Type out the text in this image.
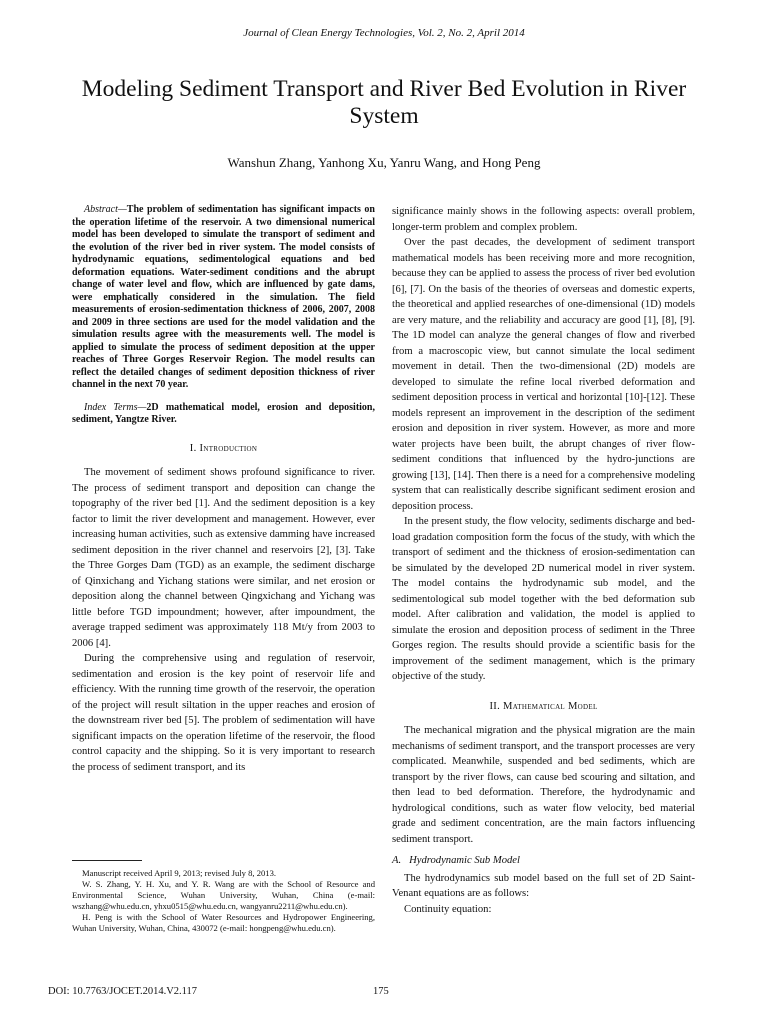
Journal of Clean Energy Technologies, Vol. 2, No. 2, April 2014
Modeling Sediment Transport and River Bed Evolution in River System
Wanshun Zhang, Yanhong Xu, Yanru Wang, and Hong Peng

Abstract—The problem of sedimentation has significant impacts on the operation lifetime of the reservoir. A two dimensional numerical model has been developed to simulate the transport of sediment and the evolution of the river bed in river system. The model consists of hydrodynamic equations, sedimentological equations and bed deformation equations. Water-sediment conditions and the abrupt change of water level and flow, which are influenced by gate dams, were emphatically considered in the simulation. The field measurements of erosion-sedimentation thickness of 2006, 2007, 2008 and 2009 in three sections are used for the model validation and the simulation results agree with the measurements well. The model is applied to simulate the process of sediment deposition at the upper reaches of Three Gorges Reservoir Region. The model results can reflect the detailed changes of sediment deposition thickness of river channel in the next 70 year.

Index Terms—2D mathematical model, erosion and deposition, sediment, Yangtze River.

I. Introduction

The movement of sediment shows profound significance to river. The process of sediment transport and deposition can change the topography of the river bed [1]. And the sediment deposition is a key factor to limit the river development and management. However, ever increasing human activities, such as extensive damming have increased sediment deposition in the river channel and reservoirs [2], [3]. Take the Three Gorges Dam (TGD) as an example, the sediment discharge of Qinxichang and Yichang stations were similar, and net erosion or deposition along the channel between Qingxichang and Yichang was little before TGD impoundment; however, after impoundment, the average trapped sediment was approximately 118 Mt/y from 2003 to 2006 [4].

During the comprehensive using and regulation of reservoir, sedimentation and erosion is the key point of reservoir life and efficiency. With the running time growth of the reservoir, the operation of the project will result siltation in the upper reaches and erosion of the downstream river bed [5]. The problem of sedimentation will have significant impacts on the operation lifetime of the reservoir, the flood control capacity and the shipping. So it is very important to research the process of sediment transport, and its

significance mainly shows in the following aspects: overall problem, longer-term problem and complex problem.

Over the past decades, the development of sediment transport mathematical models has been receiving more and more recognition, because they can be applied to assess the process of river bed evolution [6], [7]. On the basis of the theories of overseas and domestic experts, the theoretical and applied researches of one-dimensional (1D) models are very mature, and the reliability and accuracy are good [1], [8], [9]. The 1D model can analyze the general changes of flow and riverbed from a macroscopic view, but cannot simulate the local sediment movement in detail. Then the two-dimensional (2D) models are developed to simulate the refine local riverbed deformation and sediment deposition process in vertical and horizontal [10]-[12]. These models represent an improvement in the description of the sediment erosion and deposition in river system. However, as more and more water projects have been built, the abrupt changes of river flow-sediment conditions that influenced by the hydro-junctions are growing [13], [14]. Then there is a need for a comprehensive modeling system that can realistically describe significant sediment erosion and deposition process.

In the present study, the flow velocity, sediments discharge and bed-load gradation composition form the focus of the study, with which the transport of sediment and the thickness of erosion-sedimentation can be simulated by the developed 2D numerical model in river system. The model contains the hydrodynamic sub model, and the sedimentological sub model together with the bed deformation sub model. After calibration and validation, the model is applied to simulate the erosion and deposition process of sediment in the Three Gorges region. The results should provide a scientific basis for the improvement of the sediment management, which is the primary objective of the study.

II. Mathematical Model

The mechanical migration and the physical migration are the main mechanisms of sediment transport, and the transport processes are very complicated. Meanwhile, suspended and bed sediments, which are transport by the river flows, can cause bed scouring and siltation, and then lead to bed deformation. Therefore, the hydrodynamic and hydrological conditions, such as water flow velocity, bed material grade and sediment concentration, are the main factors influencing sediment transport.

A. Hydrodynamic Sub Model

The hydrodynamics sub model based on the full set of 2D Saint-Venant equations are as follows:

Continuity equation:

Manuscript received April 9, 2013; revised July 8, 2013.

W. S. Zhang, Y. H. Xu, and Y. R. Wang are with the School of Resource and Environmental Science, Wuhan University, Wuhan, China (e-mail: wszhang@whu.edu.cn, yhxu0515@whu.edu.cn, wangyanru2211@whu.edu.cn).

H. Peng is with the School of Water Resources and Hydropower Engineering, Wuhan University, Wuhan, China, 430072 (e-mail: hongpeng@whu.edu.cn).

DOI: 10.7763/JOCET.2014.V2.117	175
